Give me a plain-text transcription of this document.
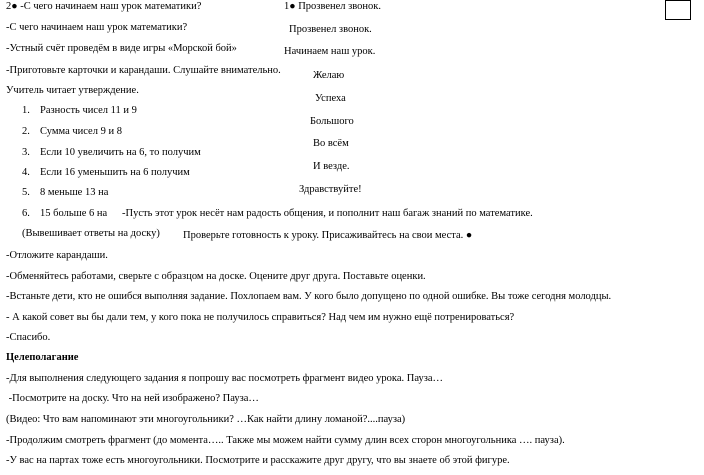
2● -С чего начинаем наш урок математики?
-С чего начинаем наш урок математики?
-Устный счёт проведём в виде игры «Морской бой»
-Приготовьте карточки и карандаши. Слушайте внимательно.
Учитель читает утверждение.
1. Разность чисел 11 и 9
2. Сумма чисел 9 и 8
3. Если 10 увеличить на 6, то получим
4. Если 16 уменьшить на 6 получим
5. 8 меньше 13 на
6. 15 больше 6 на
(Вывешивает ответы на доску)
1● Прозвенел звонок.
Прозвенел звонок.
Начинаем наш урок.
Желаю
Успеха
Большого
Во всём
И везде.
Здравствуйте!
-Пусть этот урок несёт нам радость общения, и пополнит наш багаж знаний по математике.
Проверьте готовность к уроку. Присаживайтесь на свои места. ●
-Отложите карандаши.
-Обменяйтесь работами, сверьте с образцом на доске. Оцените друг друга. Поставьте оценки.
-Встаньте дети, кто не ошибся выполняя задание. Похлопаем вам. У кого было допущено по одной ошибке. Вы тоже сегодня молодцы.
- А какой совет вы бы дали тем, у кого пока не получилось справиться? Над чем им нужно ещё потренироваться?
-Спасибо.
Целеполагание
-Для выполнения следующего задания я попрошу вас посмотреть фрагмент видео урока. Пауза…
-Посмотрите на доску. Что на ней изображено? Пауза…
(Видео: Что вам напоминают эти многоугольники? …Как найти длину ломаной?....пауза)
-Продолжим смотреть фрагмент (до момента….. Также мы можем найти сумму длин всех сторон многоугольника …. пауза).
-У вас на партах тоже есть многоугольники. Посмотрите и расскажите друг другу, что вы знаете об этой фигуре.
